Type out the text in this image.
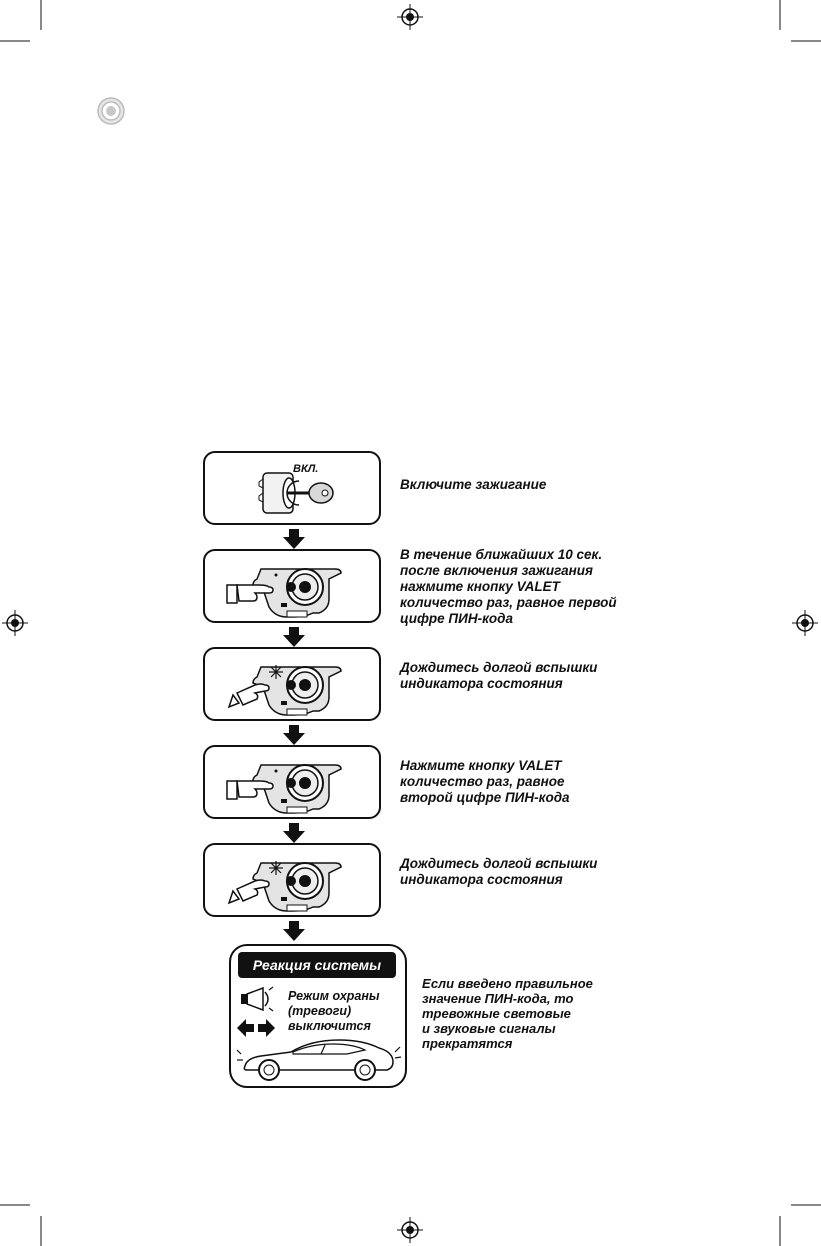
ВКЛ.
Включите зажигание
В течение ближайших 10 сек.
после включения зажигания
нажмите кнопку VALET
количество раз, равное первой
цифре ПИН-кода
Дождитесь долгой вспышки
индикатора состояния
Нажмите кнопку VALET
количество раз, равное
второй цифре ПИН-кода
Дождитесь долгой вспышки
индикатора состояния
Реакция системы
Режим охраны
(тревоги)
выключится
Если введено правильное
значение ПИН-кода, то
тревожные световые
и звуковые сигналы
прекратятся
